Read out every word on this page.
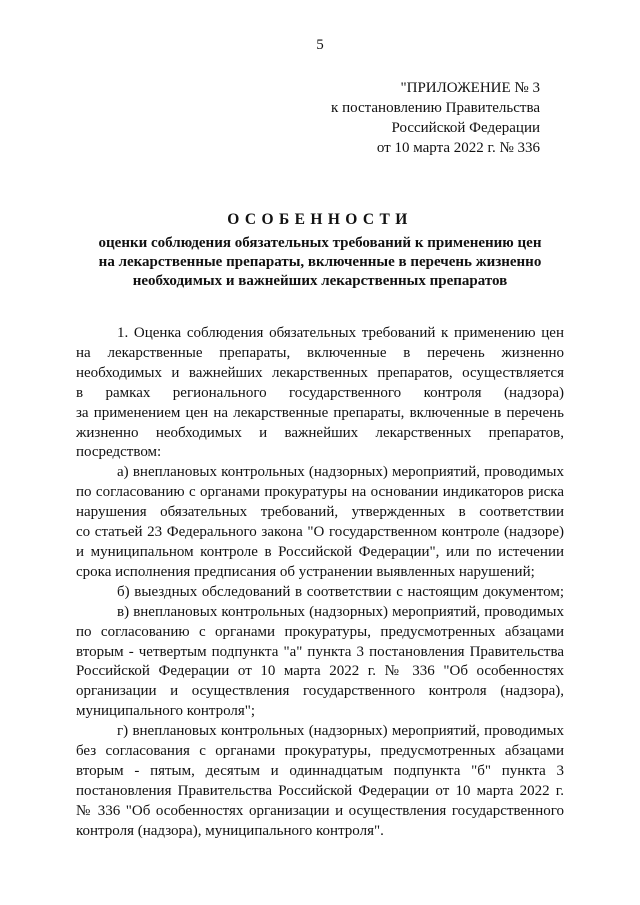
5
"ПРИЛОЖЕНИЕ № 3
к постановлению Правительства
Российской Федерации
от 10 марта 2022 г. № 336
ОСОБЕННОСТИ
оценки соблюдения обязательных требований к применению цен
на лекарственные препараты, включенные в перечень жизненно
необходимых и важнейших лекарственных препаратов
1. Оценка соблюдения обязательных требований к применению цен
на лекарственные препараты, включенные в перечень жизненно
необходимых и важнейших лекарственных препаратов, осуществляется
в рамках регионального государственного контроля (надзора)
за применением цен на лекарственные препараты, включенные в перечень
жизненно необходимых и важнейших лекарственных препаратов,
посредством:
а) внеплановых контрольных (надзорных) мероприятий, проводимых
по согласованию с органами прокуратуры на основании индикаторов риска
нарушения обязательных требований, утвержденных в соответствии
со статьей 23 Федерального закона "О государственном контроле (надзоре)
и муниципальном контроле в Российской Федерации", или по истечении
срока исполнения предписания об устранении выявленных нарушений;
б) выездных обследований в соответствии с настоящим документом;
в) внеплановых контрольных (надзорных) мероприятий, проводимых
по согласованию с органами прокуратуры, предусмотренных абзацами
вторым - четвертым подпункта "а" пункта 3 постановления Правительства
Российской Федерации от 10 марта 2022 г. № 336 "Об особенностях
организации и осуществления государственного контроля (надзора),
муниципального контроля";
г) внеплановых контрольных (надзорных) мероприятий, проводимых
без согласования с органами прокуратуры, предусмотренных абзацами
вторым - пятым, десятым и одиннадцатым подпункта "б" пункта 3
постановления Правительства Российской Федерации от 10 марта 2022 г.
№ 336 "Об особенностях организации и осуществления государственного
контроля (надзора), муниципального контроля".
